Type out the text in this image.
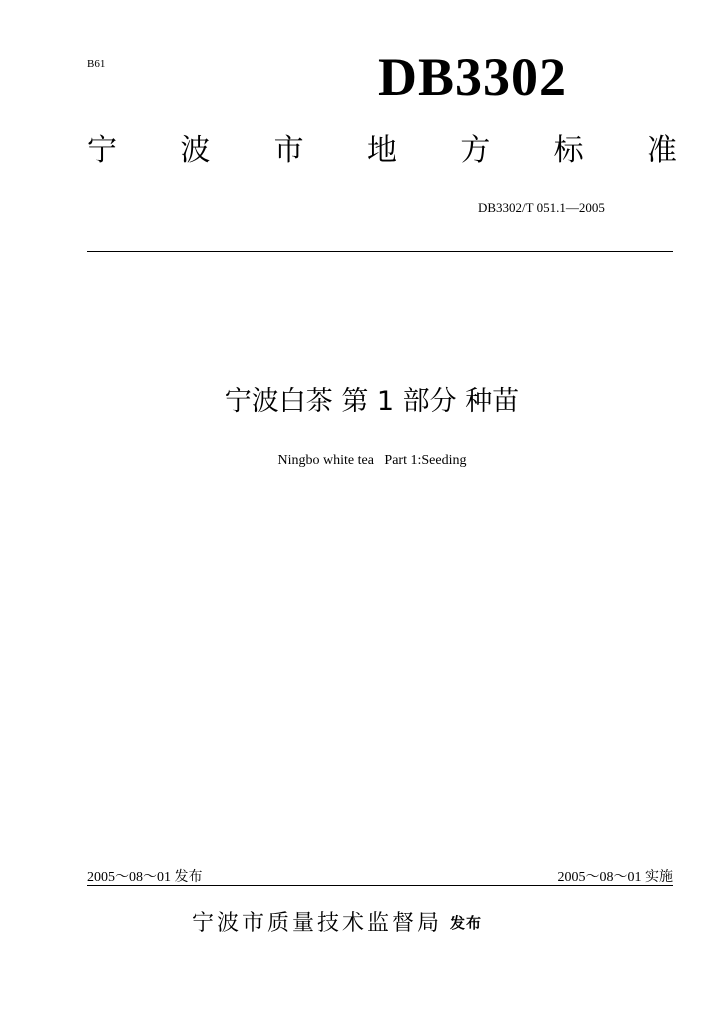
B61	DB3302
宁 波 市 地 方 标 准
DB3302/T 051.1—2005
宁波白茶 第 1 部分 种苗
Ningbo white tea   Part 1:Seeding
2005～08～01 发布	2005～08～01 实施
宁波市质量技术监督局 发布
